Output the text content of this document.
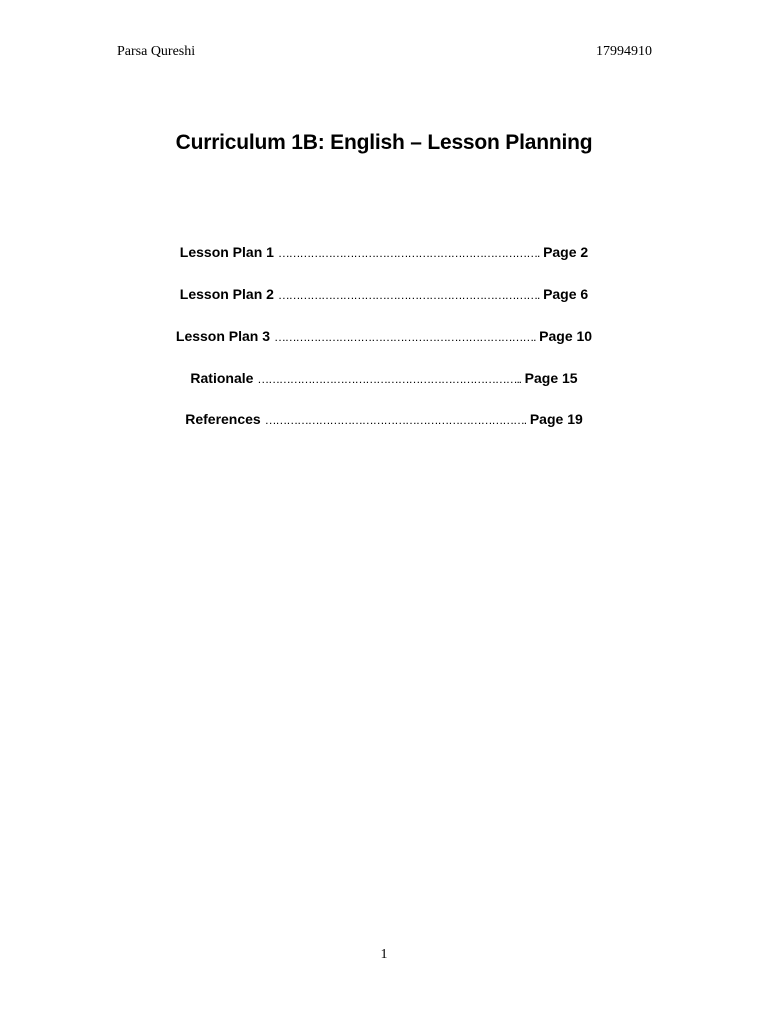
Parsa Qureshi	17994910
Curriculum 1B: English – Lesson Planning
Lesson Plan 1 ………………………………………………………………. Page 2
Lesson Plan 2 ………………………………………………………………. Page 6
Lesson Plan 3 ………………………………………………………………. Page 10
Rationale ……………………………………………………………….. Page 15
References ………………………………………………………………. Page 19
1
